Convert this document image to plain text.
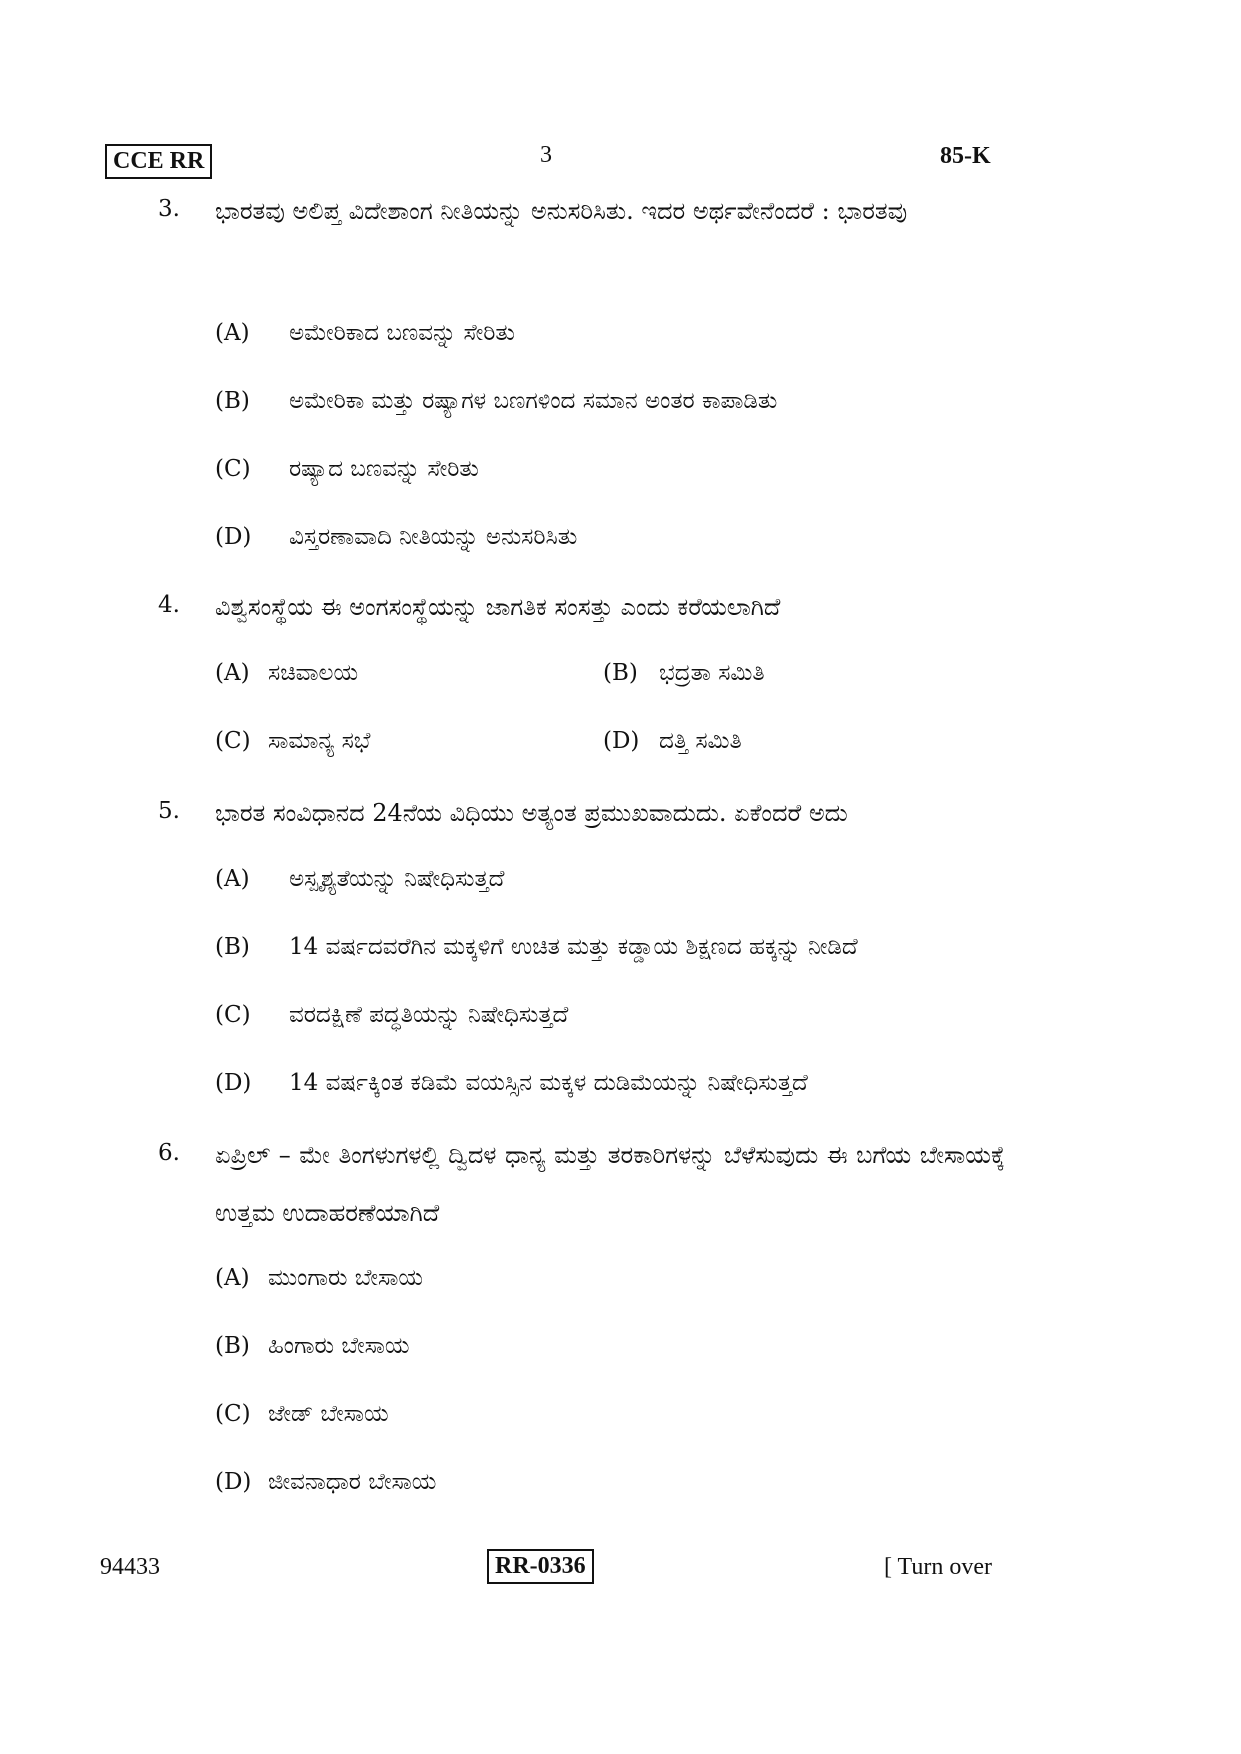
CCE RR	3	85-K
3. ಭಾರತವು ಅಲಿಪ್ತ ವಿದೇಶಾಂಗ ನೀತಿಯನ್ನು ಅನುಸರಿಸಿತು. ಇದರ ಅರ್ಥವೇನೆಂದರೆ : ಭಾರತವು
(A) ಅಮೇರಿಕಾದ ಬಣವನ್ನು ಸೇರಿತು
(B) ಅಮೇರಿಕಾ ಮತ್ತು ರಷ್ಯಾಗಳ ಬಣಗಳಿಂದ ಸಮಾನ ಅಂತರ ಕಾಪಾಡಿತು
(C) ರಷ್ಯಾದ ಬಣವನ್ನು ಸೇರಿತು
(D) ವಿಸ್ತರಣಾವಾದಿ ನೀತಿಯನ್ನು ಅನುಸರಿಸಿತು
4. ವಿಶ್ವಸಂಸ್ಥೆಯ ಈ ಅಂಗಸಂಸ್ಥೆಯನ್ನು ಜಾಗತಿಕ ಸಂಸತ್ತು ಎಂದು ಕರೆಯಲಾಗಿದೆ
(A) ಸಚಿವಾಲಯ	(B) ಭದ್ರತಾ ಸಮಿತಿ
(C) ಸಾಮಾನ್ಯ ಸಭೆ	(D) ದತ್ತಿ ಸಮಿತಿ
5. ಭಾರತ ಸಂವಿಧಾನದ 24ನೆಯ ವಿಧಿಯು ಅತ್ಯಂತ ಪ್ರಮುಖವಾದುದು. ಏಕೆಂದರೆ ಅದು
(A) ಅಸ್ಪೃಶ್ಯತೆಯನ್ನು ನಿಷೇಧಿಸುತ್ತದೆ
(B) 14 ವರ್ಷದವರೆಗಿನ ಮಕ್ಕಳಿಗೆ ಉಚಿತ ಮತ್ತು ಕಡ್ಡಾಯ ಶಿಕ್ಷಣದ ಹಕ್ಕನ್ನು ನೀಡಿದೆ
(C) ವರದಕ್ಷಿಣೆ ಪದ್ಧತಿಯನ್ನು ನಿಷೇಧಿಸುತ್ತದೆ
(D) 14 ವರ್ಷಕ್ಕಿಂತ ಕಡಿಮೆ ವಯಸ್ಸಿನ ಮಕ್ಕಳ ದುಡಿಮೆಯನ್ನು ನಿಷೇಧಿಸುತ್ತದೆ
6. ಏಪ್ರಿಲ್ – ಮೇ ತಿಂಗಳುಗಳಲ್ಲಿ ದ್ವಿದಳ ಧಾನ್ಯ ಮತ್ತು ತರಕಾರಿಗಳನ್ನು ಬೆಳೆಸುವುದು ಈ ಬಗೆಯ ಬೇಸಾಯಕ್ಕೆ ಉತ್ತಮ ಉದಾಹರಣೆಯಾಗಿದೆ
(A) ಮುಂಗಾರು ಬೇಸಾಯ
(B) ಹಿಂಗಾರು ಬೇಸಾಯ
(C) ಜೇಡ್ ಬೇಸಾಯ
(D) ಜೀವನಾಧಾರ ಬೇಸಾಯ
94433	RR-0336	[ Turn over
